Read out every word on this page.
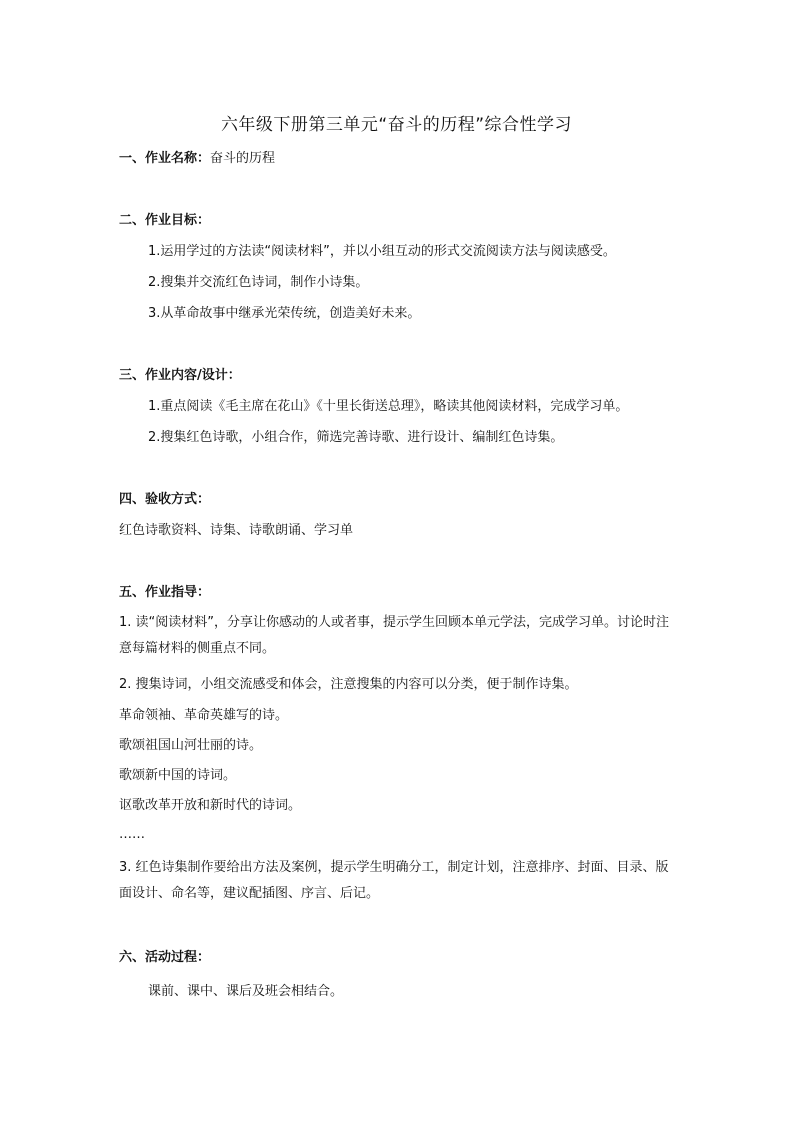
六年级下册第三单元“奋斗的历程”综合性学习
一、作业名称：奋斗的历程
二、作业目标：
1.运用学过的方法读“阅读材料”，并以小组互动的形式交流阅读方法与阅读感受。
2.搜集并交流红色诗词，制作小诗集。
3.从革命故事中继承光荣传统，创造美好未来。
三、作业内容/设计：
1.重点阅读《毛主席在花山》《十里长街送总理》，略读其他阅读材料，完成学习单。
2.搜集红色诗歌，小组合作，筛选完善诗歌、进行设计、编制红色诗集。
四、验收方式：
红色诗歌资料、诗集、诗歌朗诵、学习单
五、作业指导：
1. 读“阅读材料”，分享让你感动的人或者事，提示学生回顾本单元学法，完成学习单。讨论时注意每篇材料的侧重点不同。
2. 搜集诗词，小组交流感受和体会，注意搜集的内容可以分类，便于制作诗集。
革命领袖、革命英雄写的诗。
歌颂祖国山河壮丽的诗。
歌颂新中国的诗词。
讴歌改革开放和新时代的诗词。
……
3. 红色诗集制作要给出方法及案例，提示学生明确分工，制定计划，注意排序、封面、目录、版面设计、命名等，建议配插图、序言、后记。
六、活动过程：
课前、课中、课后及班会相结合。
